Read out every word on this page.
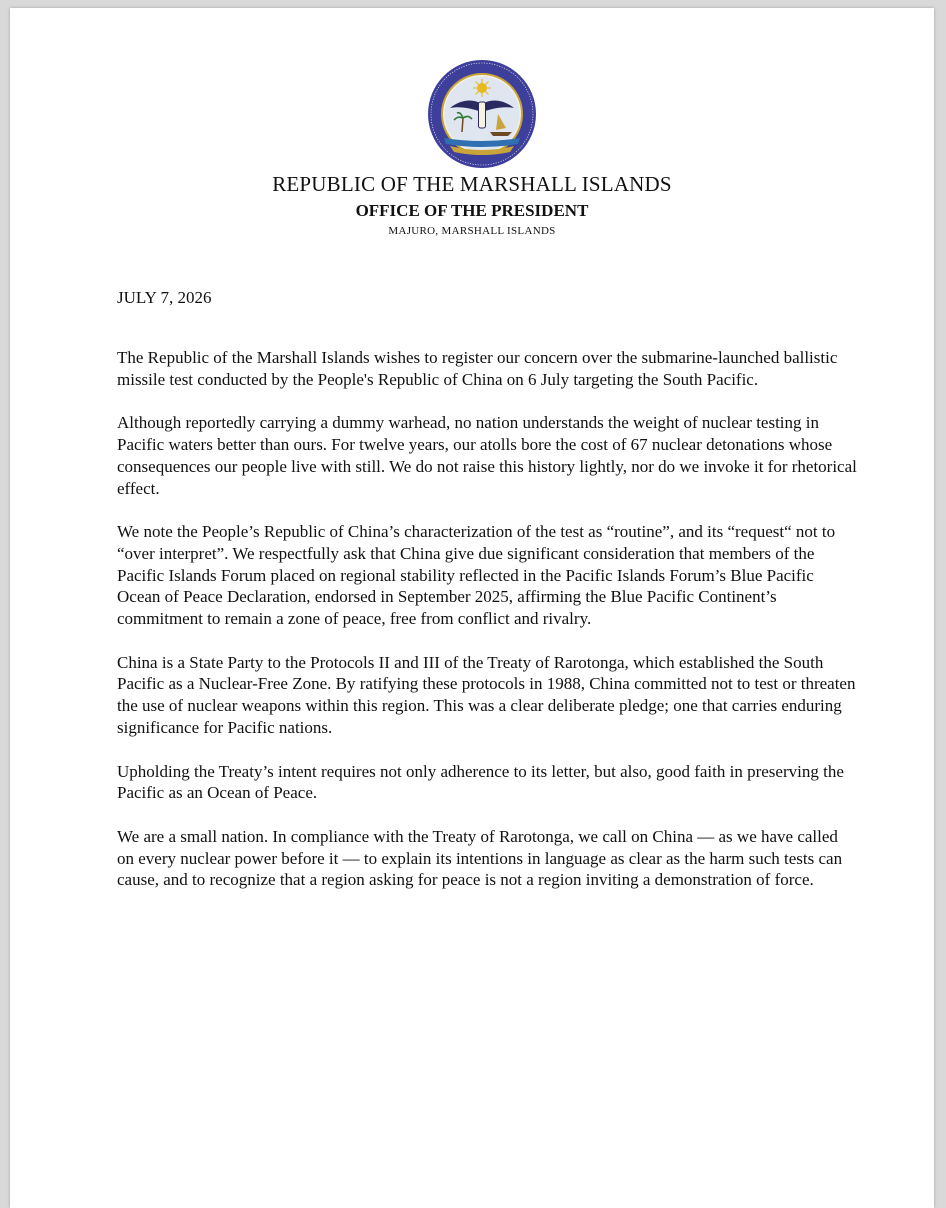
REPUBLIC OF THE MARSHALL ISLANDS
OFFICE OF THE PRESIDENT
MAJURO, MARSHALL ISLANDS
JULY 7, 2026

The Republic of the Marshall Islands wishes to register our concern over the submarine-launched ballistic missile test conducted by the People's Republic of China on 6 July targeting the South Pacific.

Although reportedly carrying a dummy warhead, no nation understands the weight of nuclear testing in Pacific waters better than ours. For twelve years, our atolls bore the cost of 67 nuclear detonations whose consequences our people live with still. We do not raise this history lightly, nor do we invoke it for rhetorical effect.

We note the People’s Republic of China’s characterization of the test as “routine”, and its “request“ not to “over interpret”. We respectfully ask that China give due significant consideration that members of the Pacific Islands Forum placed on regional stability reflected in the Pacific Islands Forum’s Blue Pacific Ocean of Peace Declaration, endorsed in September 2025, affirming the Blue Pacific Continent’s commitment to remain a zone of peace, free from conflict and rivalry.

China is a State Party to the Protocols II and III of the Treaty of Rarotonga, which established the South Pacific as a Nuclear-Free Zone. By ratifying these protocols in 1988, China committed not to test or threaten the use of nuclear weapons within this region. This was a clear deliberate pledge; one that carries enduring significance for Pacific nations.

Upholding the Treaty’s intent requires not only adherence to its letter, but also, good faith in preserving the Pacific as an Ocean of Peace.

We are a small nation. In compliance with the Treaty of Rarotonga, we call on China — as we have called on every nuclear power before it — to explain its intentions in language as clear as the harm such tests can cause, and to recognize that a region asking for peace is not a region inviting a demonstration of force.
